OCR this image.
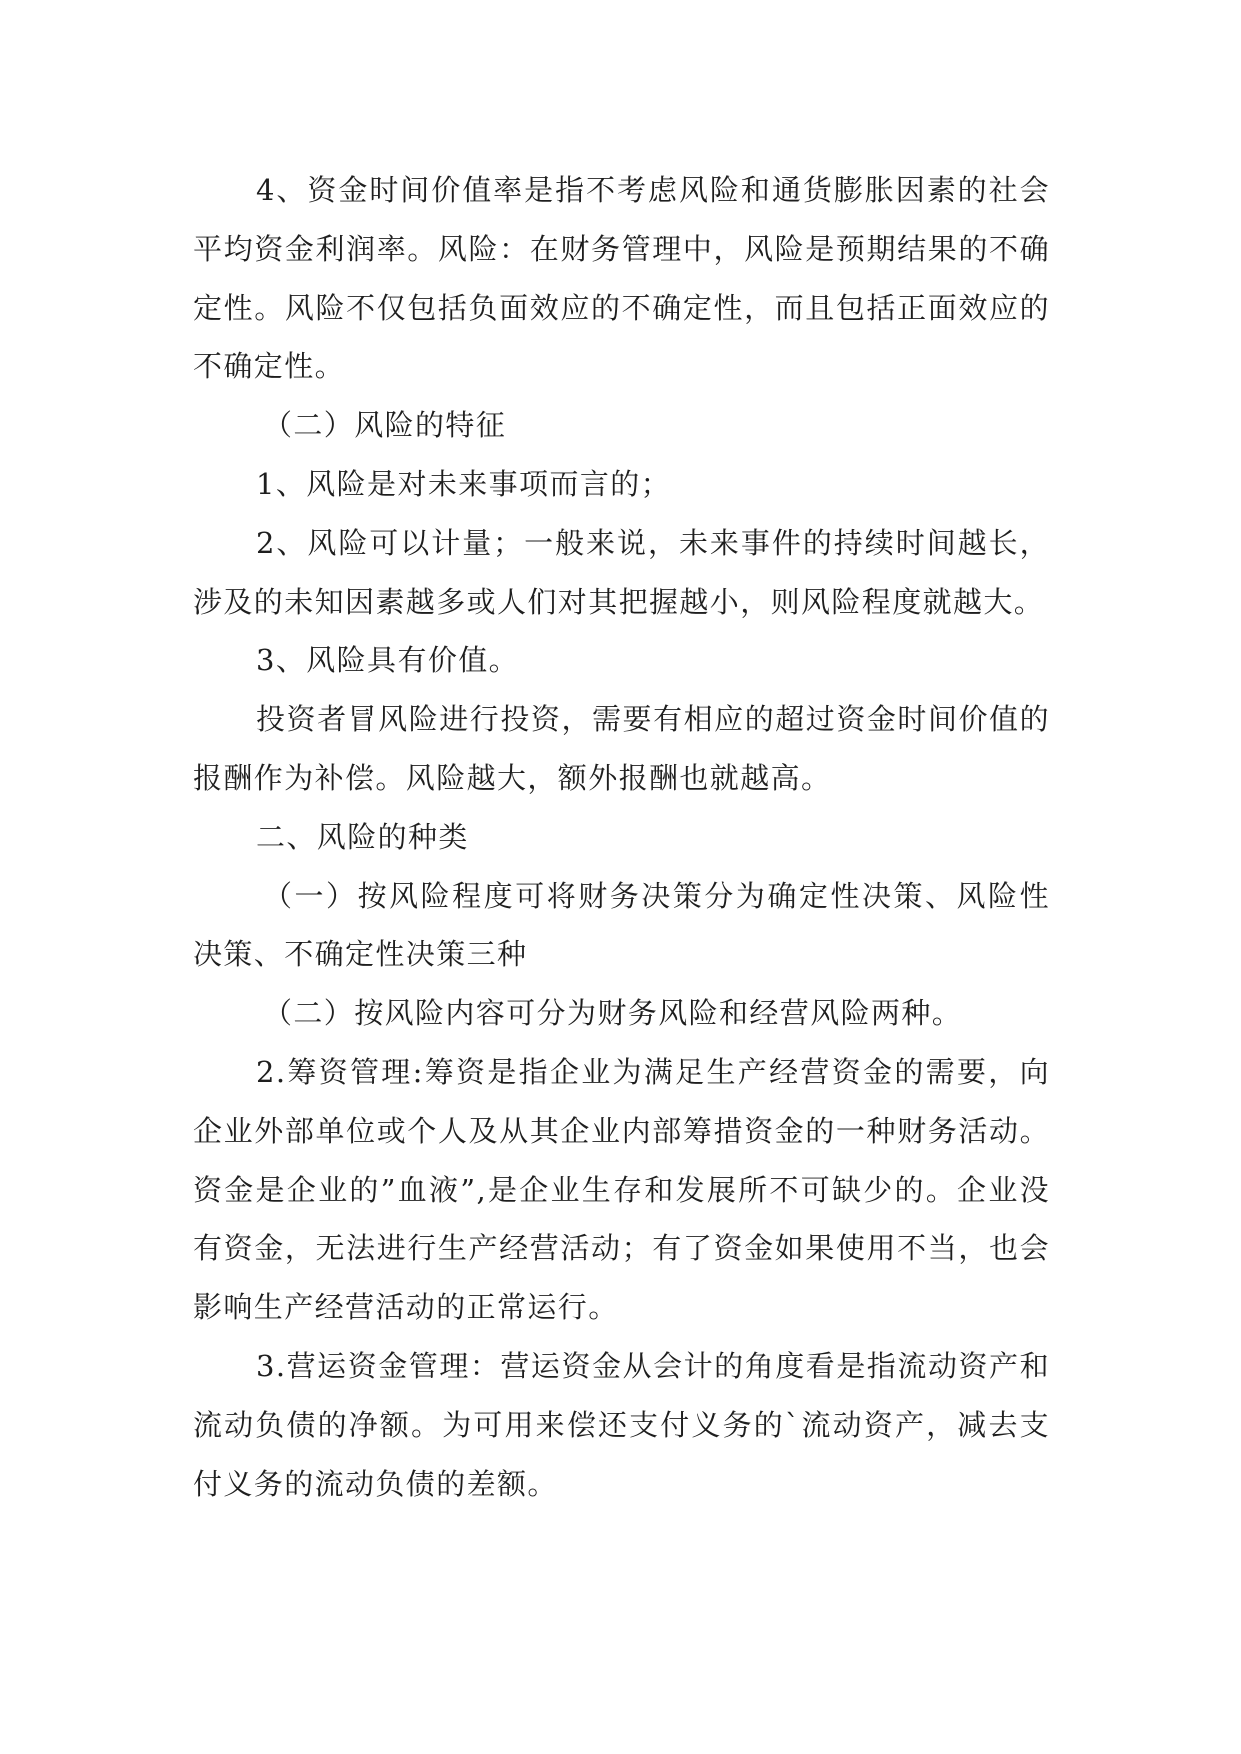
4、资金时间价值率是指不考虑风险和通货膨胀因素的社会平均资金利润率。风险：在财务管理中，风险是预期结果的不确定性。风险不仅包括负面效应的不确定性，而且包括正面效应的不确定性。

（二）风险的特征

1、风险是对未来事项而言的；

2、风险可以计量；一般来说，未来事件的持续时间越长，涉及的未知因素越多或人们对其把握越小，则风险程度就越大。

3、风险具有价值。

投资者冒风险进行投资，需要有相应的超过资金时间价值的报酬作为补偿。风险越大，额外报酬也就越高。

二、风险的种类

（一）按风险程度可将财务决策分为确定性决策、风险性决策、不确定性决策三种

（二）按风险内容可分为财务风险和经营风险两种。

2.筹资管理:筹资是指企业为满足生产经营资金的需要，向企业外部单位或个人及从其企业内部筹措资金的一种财务活动。资金是企业的”血液”,是企业生存和发展所不可缺少的。企业没有资金，无法进行生产经营活动；有了资金如果使用不当，也会影响生产经营活动的正常运行。

3.营运资金管理：营运资金从会计的角度看是指流动资产和流动负债的净额。为可用来偿还支付义务的`流动资产，减去支付义务的流动负债的差额。
